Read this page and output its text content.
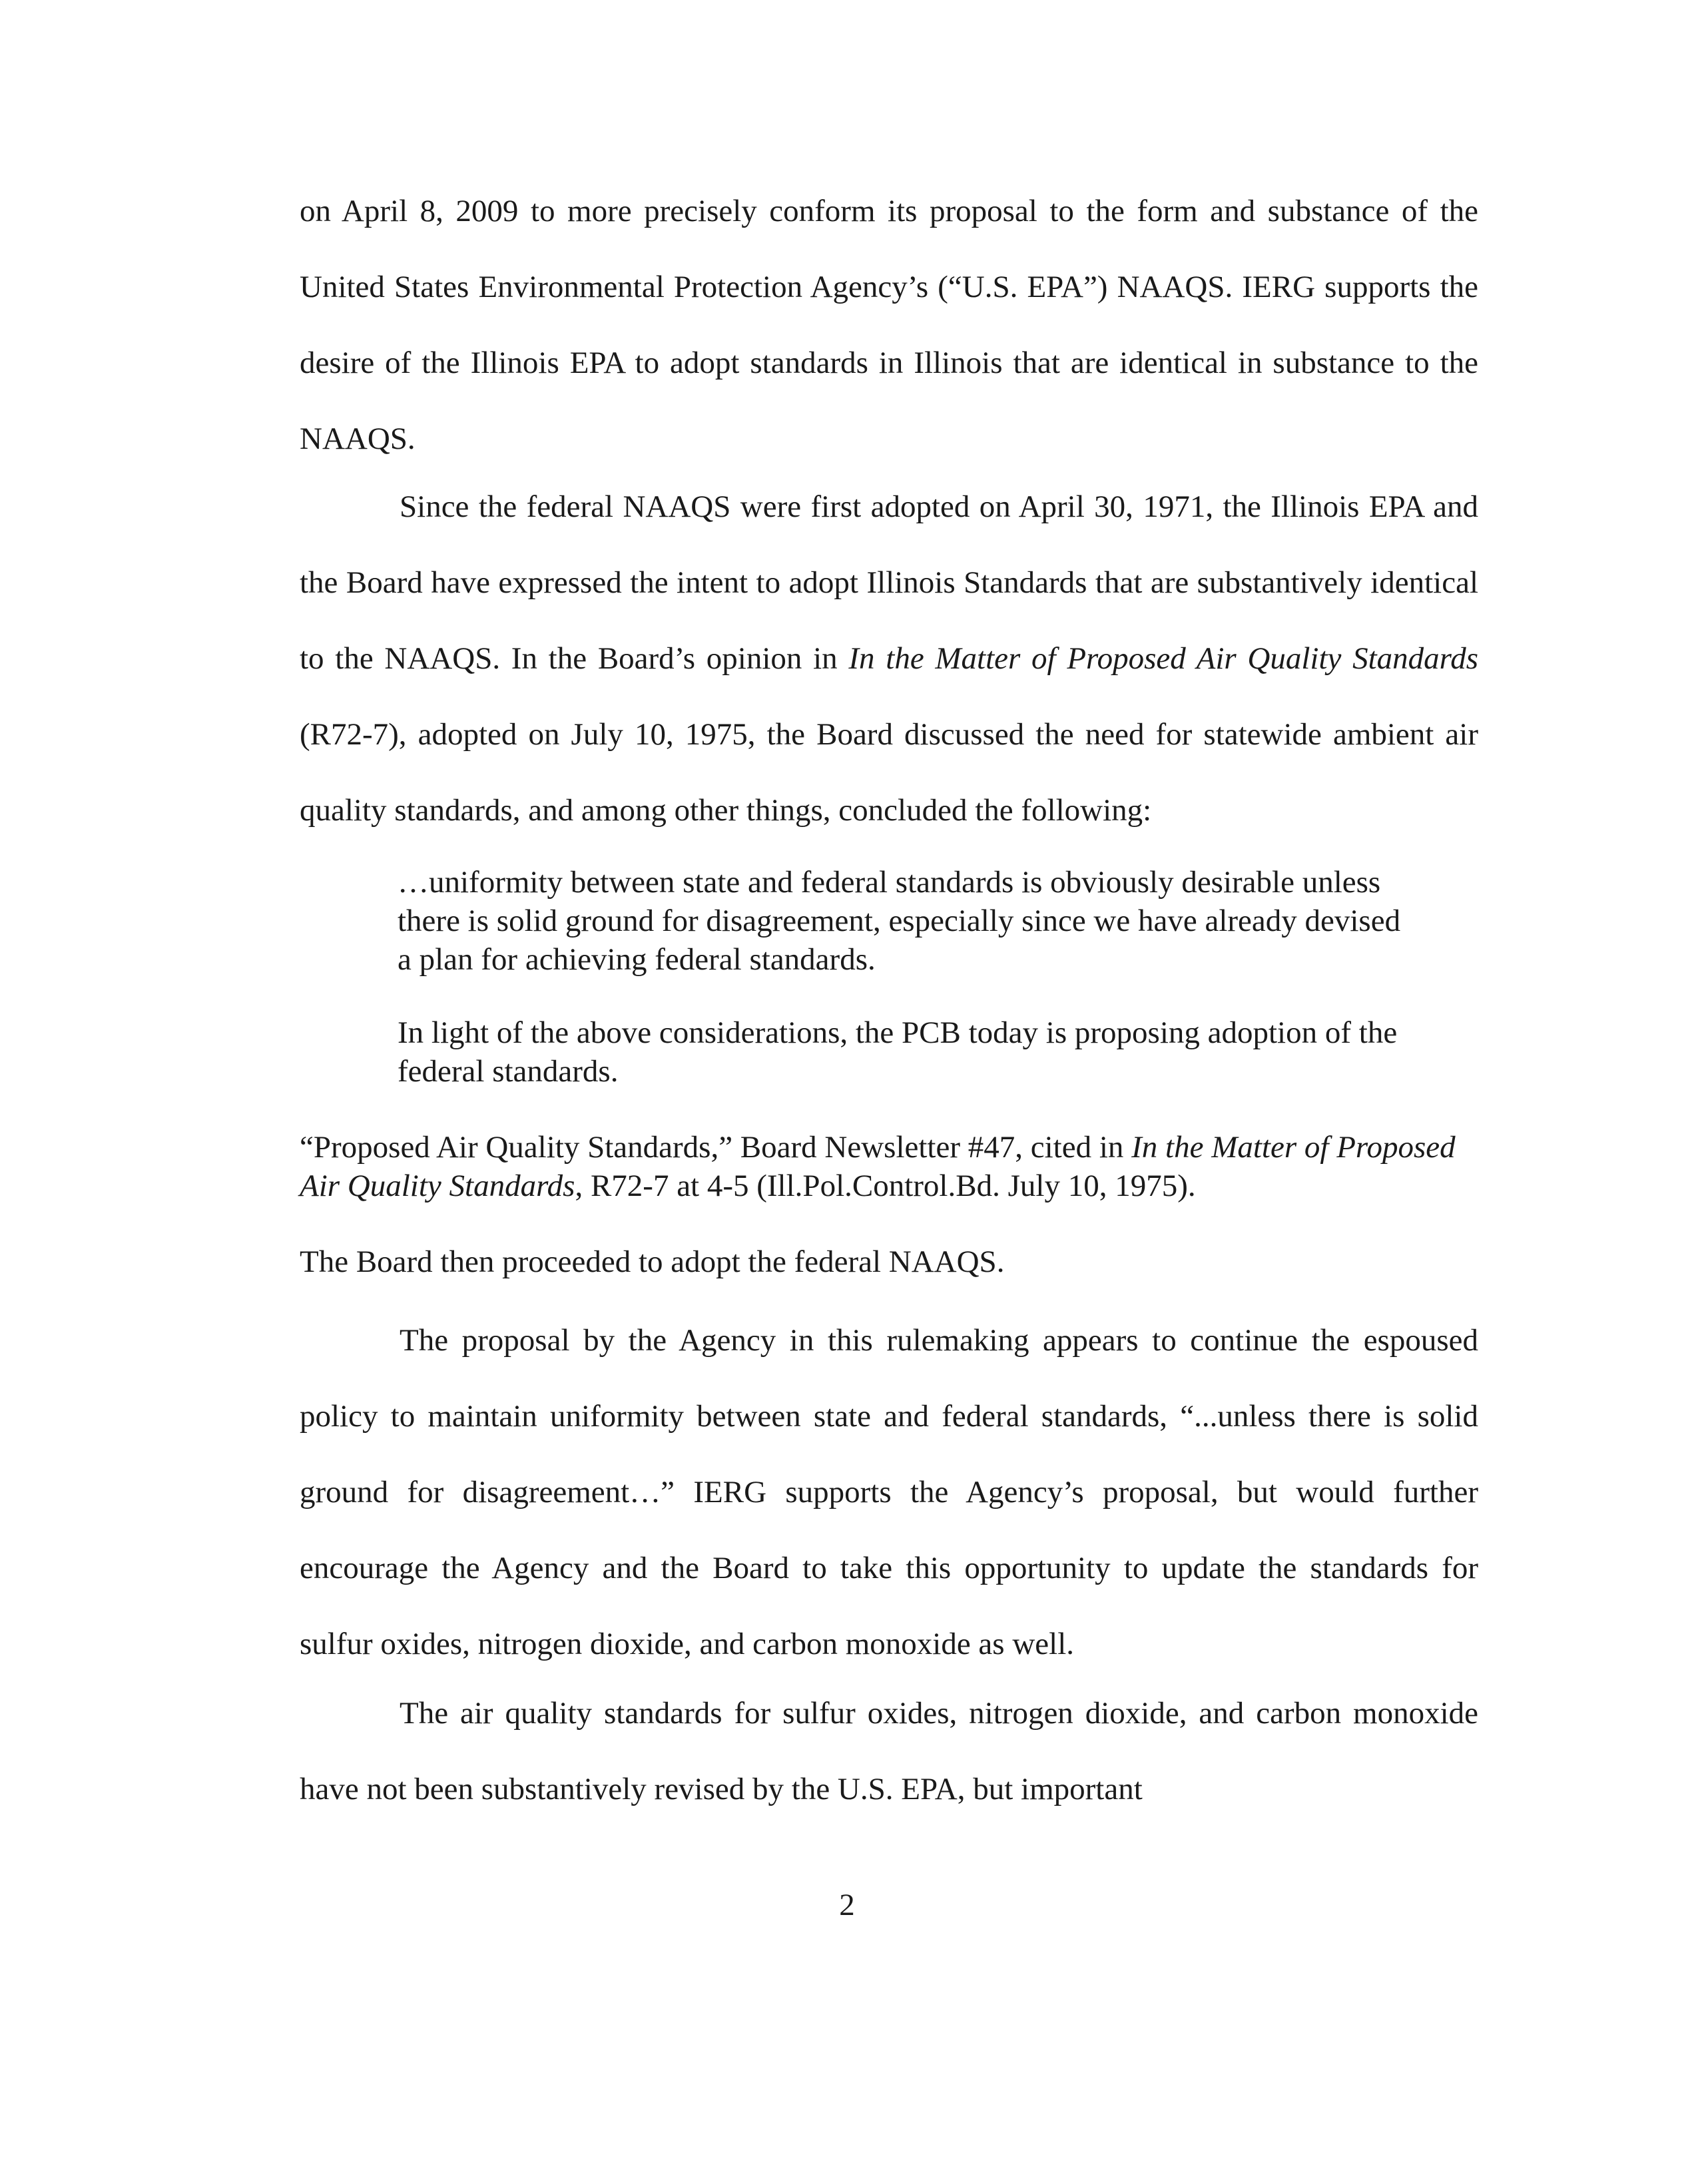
on April 8, 2009 to more precisely conform its proposal to the form and substance of the United States Environmental Protection Agency’s (“U.S. EPA”) NAAQS. IERG supports the desire of the Illinois EPA to adopt standards in Illinois that are identical in substance to the NAAQS.

Since the federal NAAQS were first adopted on April 30, 1971, the Illinois EPA and the Board have expressed the intent to adopt Illinois Standards that are substantively identical to the NAAQS. In the Board’s opinion in In the Matter of Proposed Air Quality Standards (R72-7), adopted on July 10, 1975, the Board discussed the need for statewide ambient air quality standards, and among other things, concluded the following:

…uniformity between state and federal standards is obviously desirable unless there is solid ground for disagreement, especially since we have already devised a plan for achieving federal standards.

In light of the above considerations, the PCB today is proposing adoption of the federal standards.

“Proposed Air Quality Standards,” Board Newsletter #47, cited in In the Matter of Proposed Air Quality Standards, R72-7 at 4-5 (Ill.Pol.Control.Bd. July 10, 1975).

The Board then proceeded to adopt the federal NAAQS.

The proposal by the Agency in this rulemaking appears to continue the espoused policy to maintain uniformity between state and federal standards, “...unless there is solid ground for disagreement…” IERG supports the Agency’s proposal, but would further encourage the Agency and the Board to take this opportunity to update the standards for sulfur oxides, nitrogen dioxide, and carbon monoxide as well.

The air quality standards for sulfur oxides, nitrogen dioxide, and carbon monoxide have not been substantively revised by the U.S. EPA, but important

2
